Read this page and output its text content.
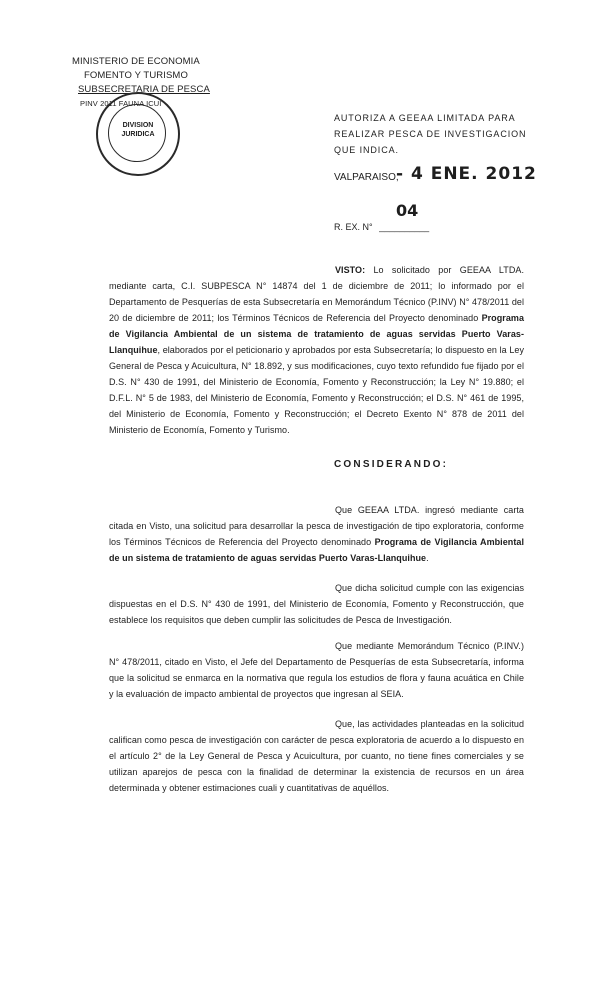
MINISTERIO DE ECONOMIA
FOMENTO Y TURISMO
SUBSECRETARIA DE PESCA
PINV 2011 FAUNA ICUI
DIVISION
JURIDICA
AUTORIZA A GEEAA LIMITADA PARA REALIZAR PESCA DE INVESTIGACION QUE INDICA.
VALPARAISO,
- 4 ENE. 2012
04
R. EX. N° __________
VISTO: Lo solicitado por GEEAA LTDA. mediante carta, C.I. SUBPESCA N° 14874 del 1 de diciembre de 2011; lo informado por el Departamento de Pesquerías de esta Subsecretaría en Memorándum Técnico (P.INV) N° 478/2011 del 20 de diciembre de 2011; los Términos Técnicos de Referencia del Proyecto denominado Programa de Vigilancia Ambiental de un sistema de tratamiento de aguas servidas Puerto Varas-Llanquihue, elaborados por el peticionario y aprobados por esta Subsecretaría; lo dispuesto en la Ley General de Pesca y Acuicultura, N° 18.892, y sus modificaciones, cuyo texto refundido fue fijado por el D.S. N° 430 de 1991, del Ministerio de Economía, Fomento y Reconstrucción; la Ley N° 19.880; el D.F.L. N° 5 de 1983, del Ministerio de Economía, Fomento y Reconstrucción; el D.S. N° 461 de 1995, del Ministerio de Economía, Fomento y Reconstrucción; el Decreto Exento N° 878 de 2011 del Ministerio de Economía, Fomento y Turismo.
CONSIDERANDO:
Que GEEAA LTDA. ingresó mediante carta citada en Visto, una solicitud para desarrollar la pesca de investigación de tipo exploratoria, conforme los Términos Técnicos de Referencia del Proyecto denominado Programa de Vigilancia Ambiental de un sistema de tratamiento de aguas servidas Puerto Varas-Llanquihue.
Que dicha solicitud cumple con las exigencias dispuestas en el D.S. N° 430 de 1991, del Ministerio de Economía, Fomento y Reconstrucción, que establece los requisitos que deben cumplir las solicitudes de Pesca de Investigación.
Que mediante Memorándum Técnico (P.INV.) N° 478/2011, citado en Visto, el Jefe del Departamento de Pesquerías de esta Subsecretaría, informa que la solicitud se enmarca en la normativa que regula los estudios de flora y fauna acuática en Chile y la evaluación de impacto ambiental de proyectos que ingresan al SEIA.
Que, las actividades planteadas en la solicitud califican como pesca de investigación con carácter de pesca exploratoria de acuerdo a lo dispuesto en el artículo 2° de la Ley General de Pesca y Acuicultura, por cuanto, no tiene fines comerciales y se utilizan aparejos de pesca con la finalidad de determinar la existencia de recursos en un área determinada y obtener estimaciones cuali y cuantitativas de aquéllos.
